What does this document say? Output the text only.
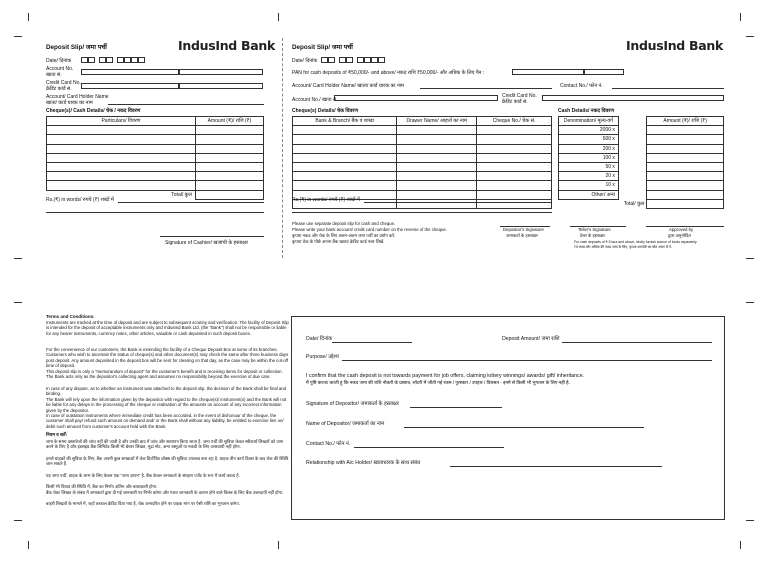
Deposit Slip/ जमा पर्ची	IndusInd Bank
Date/ दिनांक
Account No.
खाता सं.
Credit Card No.
क्रेडिट कार्ड सं.
Account/ Card Holder Name
खाता/ कार्ड धारक का नाम
Cheque(s)/ Cash Details/ चेक / नकद विवरण
Particulars/ विवरण	Amount (₹)/ राशि (₹)

Total/ कुल	
Rs.(₹) in words/ रुपये (₹) शब्दों में
Signature of Cashier/ खजांची के हस्ताक्षर
Deposit Slip/ जमा पर्ची	IndusInd Bank
Date/ दिनांक
PAN for cash deposits of ₹50,000/- and above/ नकद राशि ₹50,000/- और अधिक के लिए पैन :
Account/ Card Holder Name/ खाता/ कार्ड धारक का नाम	Contact No./ फोन नं.
Account No./ खाता सं.
Credit Card No.
क्रेडिट कार्ड सं.
Cheque(s) Details/ चेक विवरण
Bank & Branch/ बैंक व शाखा	Drawer Name/ आहर्ता का नाम	Cheque No./ चेक सं.

Cash Details/ नकद विवरण
Denomination/ मूल्य-वर्ग		Amount (₹)/ राशि (₹)
2000 x		
500 x		
200 x		
100 x		
50 x		
20 x		
10 x		
Other/ अन्य		
	Total/ कुल	
Rs.(₹) in words/ रुपये (₹) शब्दों में
Please use separate deposit slip for cash and cheque.
Please write your bank account/ credit card number on the reverse of the cheque.
कृपया नकद और चेक के लिए अलग-अलग जमा पर्ची का प्रयोग करें.
कृपया चेक के पीछे अपना बैंक खाता/ क्रेडिट कार्ड नंबर लिखें.
Depositor's Signature
जमाकर्ता के हस्ताक्षर
Teller's Signature
टेलर के हस्ताक्षर
Approved by
द्वारा अनुमोदित
For cash deposits of ₹ 5 lacs and above, kindly furnish source of funds separately.
₹5 लाख और अधिक की नकद जमा के लिए, कृपया धनराशि का स्रोत अलग से दें.
Terms and Conditions:
Instruments are tracked at the time of deposit and are subject to subsequent scrutiny and verification. The facility of Deposit Slip is intended for the deposit of acceptable instruments only and IndusInd Bank Ltd. (the "Bank") shall not be responsible or liable for any bearer instruments, currency notes, other articles, valuable or cash deposited in such deposit boxes.
For the convenience of our customers, the Bank is extending the facility of a Cheque Deposit Box at some of its branches. Customers who wish to ascertain the status of cheque(s) and other document(s) may check the same after three business days post deposit. Any amount deposited in the deposit box will be sent for clearing on that day, as the case may be within the cut-off time of deposit.
This deposit slip is only a "memorandum of deposit" for the customer's benefit and is receiving items for deposit or collection. The Bank acts only as the depositor's collecting agent and assumes no responsibility beyond the exercise of due care.
In case of any dispute, as to whether an instrument was attached to the deposit slip, the decision of the Bank shall be final and binding.
The Bank will rely upon the information given by the depositor with regard to the cheque(s)/ instrument(s) and the Bank will not be liable for any delays in the processing of the cheque or realisation of the amounts on account of any incorrect information given by the depositor.
In case of outstation instruments where immediate credit has been accorded, in the event of dishonour of the cheque, the customer shall pay/ refund such amount on demand and/ or the Bank shall without any liability, be entitled to exercise lien on/ debit such amount from customer's account held with the Bank.
नियम व शर्तें:
जमा के समय दस्तावेजों की जांच नहीं की जाती है और उनकी बाद में जांच और सत्यापन किया जाता है. जमा पर्ची की सुविधा केवल स्वीकार्य लिखतों को जमा करने के लिए है और इंडसइंड बैंक लिमिटेड किसी भी बेयरर लिखत, मुद्रा नोट, अन्य वस्तुओं या नकदी के लिए उत्तरदायी नहीं होगा.
हमारे ग्राहकों की सुविधा के लिए, बैंक अपनी कुछ शाखाओं में चेक डिपॉजिट बॉक्स की सुविधा उपलब्ध करा रहा है. ग्राहक तीन कार्य दिवस के बाद चेक की स्थिति जान सकते हैं.
यह जमा पर्ची, ग्राहक के लाभ के लिए केवल एक "जमा ज्ञापन" है. बैंक केवल जमाकर्ता के संग्रहण एजेंट के रूप में कार्य करता है.
किसी भी विवाद की स्थिति में, बैंक का निर्णय अंतिम और बाध्यकारी होगा.
बैंक चेक/ लिखत के संबंध में जमाकर्ता द्वारा दी गई जानकारी पर निर्भर करेगा और गलत जानकारी के कारण होने वाले विलंब के लिए बैंक उत्तरदायी नहीं होगा.
बाहरी लिखतों के मामले में, जहाँ तत्काल क्रेडिट दिया गया है, चेक अनादरित होने पर ग्राहक मांग पर ऐसी राशि का भुगतान करेगा.
Date/ दिनांक	Deposit Amount/ जमा राशि
Purpose/ उद्देश्य
I confirm that the cash deposit is not towards payment for job offers, claiming lottery winnings/ awards/ gift/ inheritance.
मैं पुष्टि करता/ करती हूं कि नकद जमा की राशि नौकरी के प्रस्ताव, लॉटरी में जीती गई रकम / पुरस्कार / उपहार / विरासत - इनमें से किसी भी भुगतान के लिए नहीं है.
Signature of Depositor/ जमाकर्ता के हस्ताक्षर
Name of Depositor/ जमाकर्ता का नाम
Contact No./ फोन नं.
Relationship with A/c Holder/ खाताधारक के साथ संबंध
